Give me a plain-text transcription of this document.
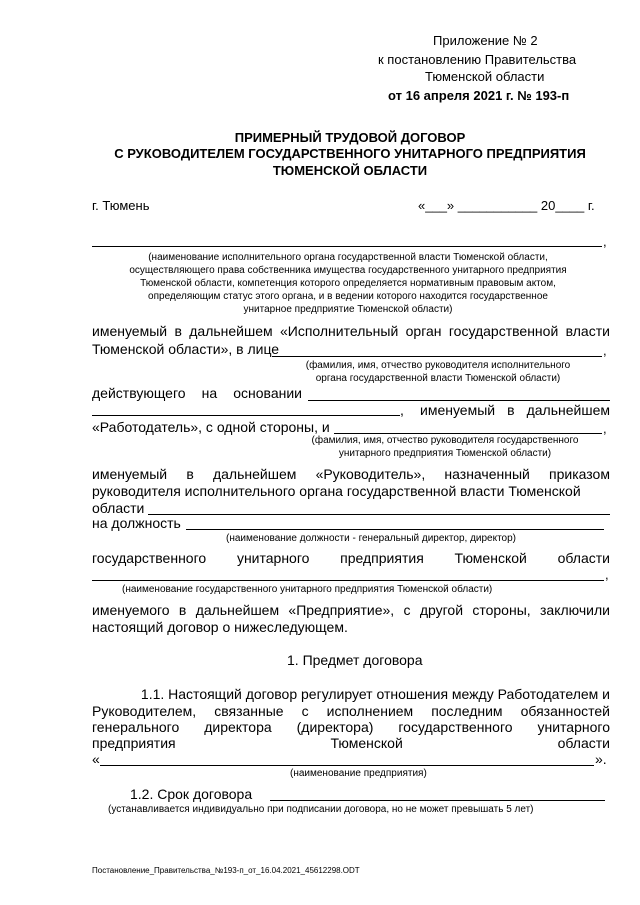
Приложение № 2
к постановлению Правительства
Тюменской области
от 16 апреля 2021 г. № 193-п
ПРИМЕРНЫЙ ТРУДОВОЙ ДОГОВОР
С РУКОВОДИТЕЛЕМ ГОСУДАРСТВЕННОГО УНИТАРНОГО ПРЕДПРИЯТИЯ
ТЮМЕНСКОЙ ОБЛАСТИ
г. Тюмень	«___» ___________ 20____ г.
,
(наименование исполнительного органа государственной власти Тюменской области,
осуществляющего права собственника имущества государственного унитарного предприятия
Тюменской области, компетенция которого определяется нормативным правовым актом,
определяющим статус этого органа, и в ведении которого находится государственное
унитарное предприятие Тюменской области)
именуемый в дальнейшем «Исполнительный орган государственной власти
Тюменской области», в лице	,
(фамилия, имя, отчество руководителя исполнительного
органа государственной власти Тюменской области)
действующего на основании
, именуемый в дальнейшем
«Работодатель», с одной стороны, и	,
(фамилия, имя, отчество руководителя государственного
унитарного предприятия Тюменской области)
именуемый в дальнейшем «Руководитель», назначенный приказом
руководителя исполнительного органа государственной власти Тюменской
области
на должность
(наименование должности - генеральный директор, директор)
государственного унитарного предприятия Тюменской области
,
(наименование государственного унитарного предприятия Тюменской области)
именуемого в дальнейшем «Предприятие», с другой стороны, заключили
настоящий договор о нижеследующем.
1. Предмет договора
1.1. Настоящий договор регулирует отношения между Работодателем и
Руководителем, связанные с исполнением последним обязанностей
генерального директора (директора) государственного унитарного
предприятия	Тюменской	области
«	».
(наименование предприятия)
1.2. Срок договора
(устанавливается индивидуально при подписании договора, но не может превышать 5 лет)
Постановление_Правительства_№193-п_от_16.04.2021_45612298.ODT
